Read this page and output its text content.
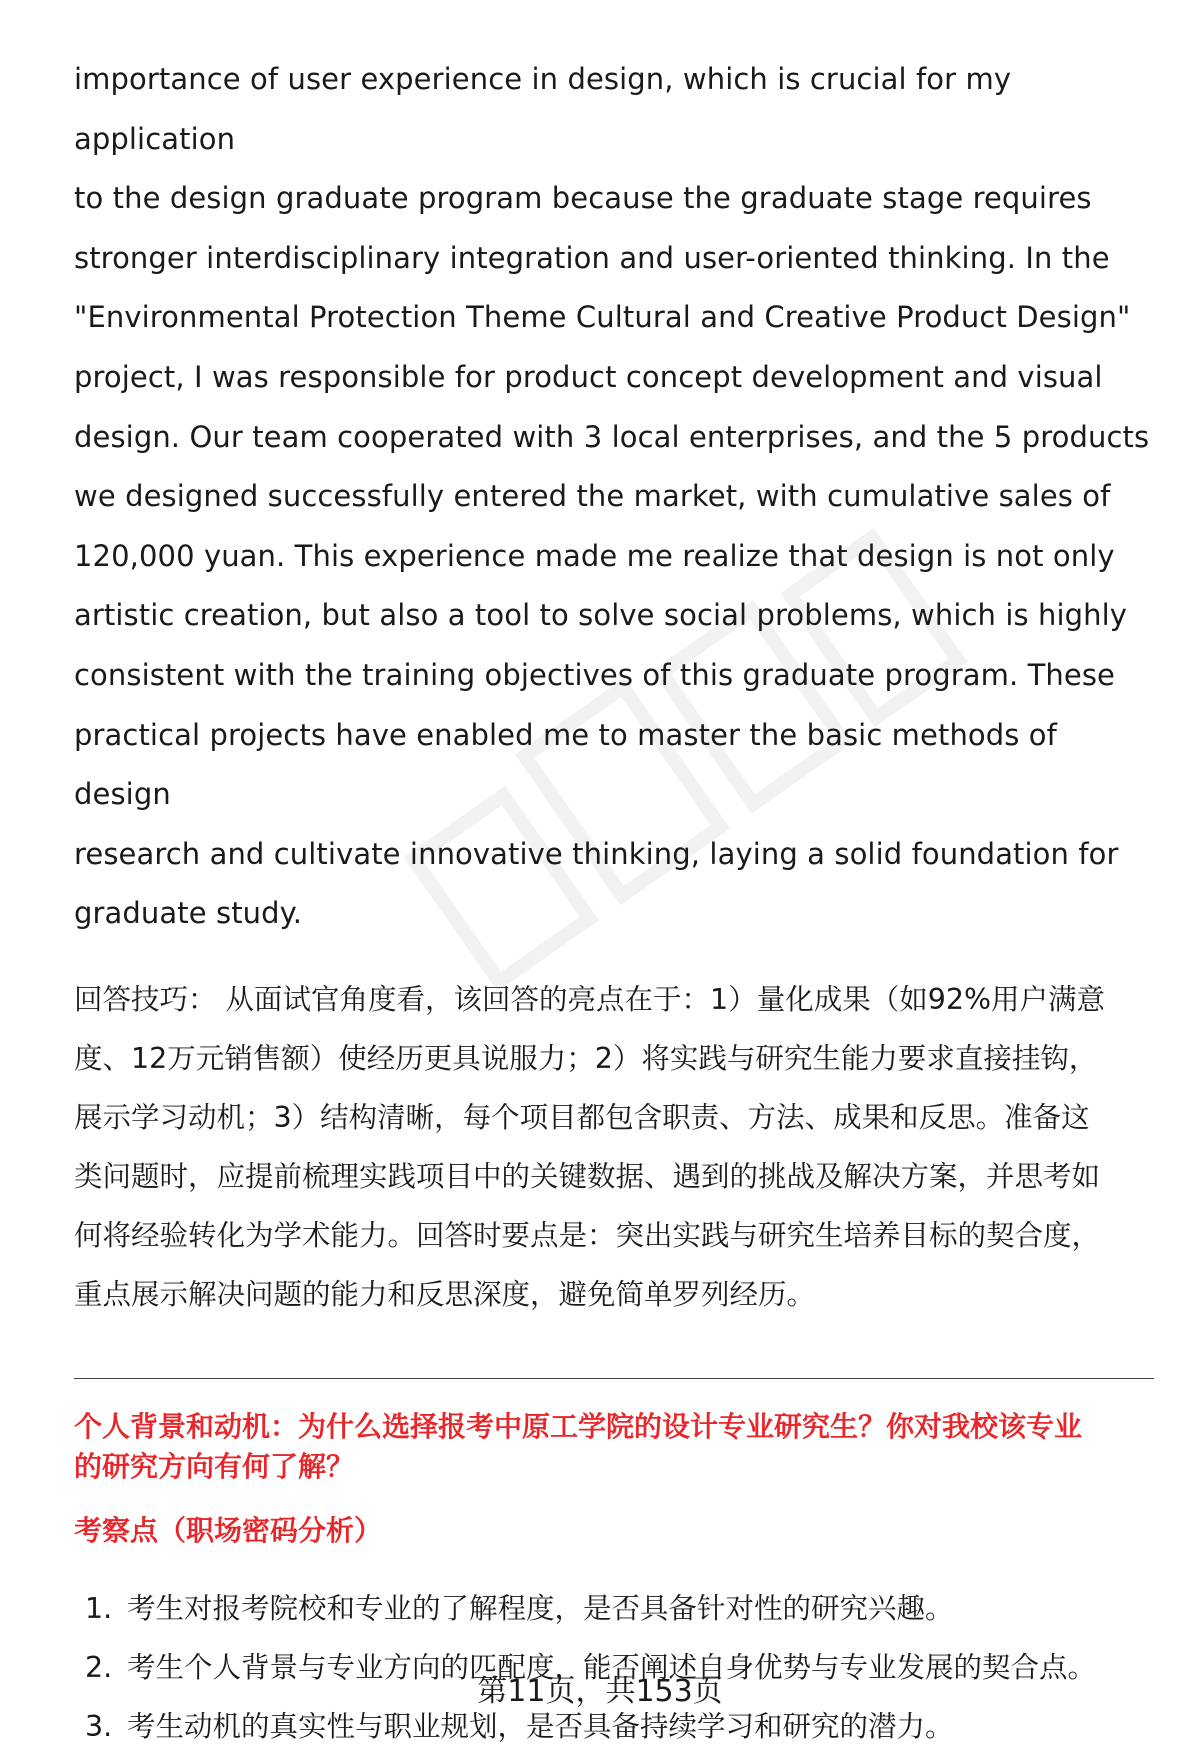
importance of user experience in design, which is crucial for my application
to the design graduate program because the graduate stage requires
stronger interdisciplinary integration and user-oriented thinking. In the
"Environmental Protection Theme Cultural and Creative Product Design"
project, I was responsible for product concept development and visual
design. Our team cooperated with 3 local enterprises, and the 5 products
we designed successfully entered the market, with cumulative sales of
120,000 yuan. This experience made me realize that design is not only
artistic creation, but also a tool to solve social problems, which is highly
consistent with the training objectives of this graduate program. These
practical projects have enabled me to master the basic methods of design
research and cultivate innovative thinking, laying a solid foundation for
graduate study.
回答技巧： 从面试官角度看，该回答的亮点在于：1）量化成果（如92%用户满意
度、12万元销售额）使经历更具说服力；2）将实践与研究生能力要求直接挂钩，
展示学习动机；3）结构清晰，每个项目都包含职责、方法、成果和反思。准备这
类问题时，应提前梳理实践项目中的关键数据、遇到的挑战及解决方案，并思考如
何将经验转化为学术能力。回答时要点是：突出实践与研究生培养目标的契合度，
重点展示解决问题的能力和反思深度，避免简单罗列经历。
个人背景和动机：为什么选择报考中原工学院的设计专业研究生？你对我校该专业
的研究方向有何了解？
考察点（职场密码分析）
1. 考生对报考院校和专业的了解程度，是否具备针对性的研究兴趣。
2. 考生个人背景与专业方向的匹配度，能否阐述自身优势与专业发展的契合点。
3. 考生动机的真实性与职业规划，是否具备持续学习和研究的潜力。
第11页，共153页
